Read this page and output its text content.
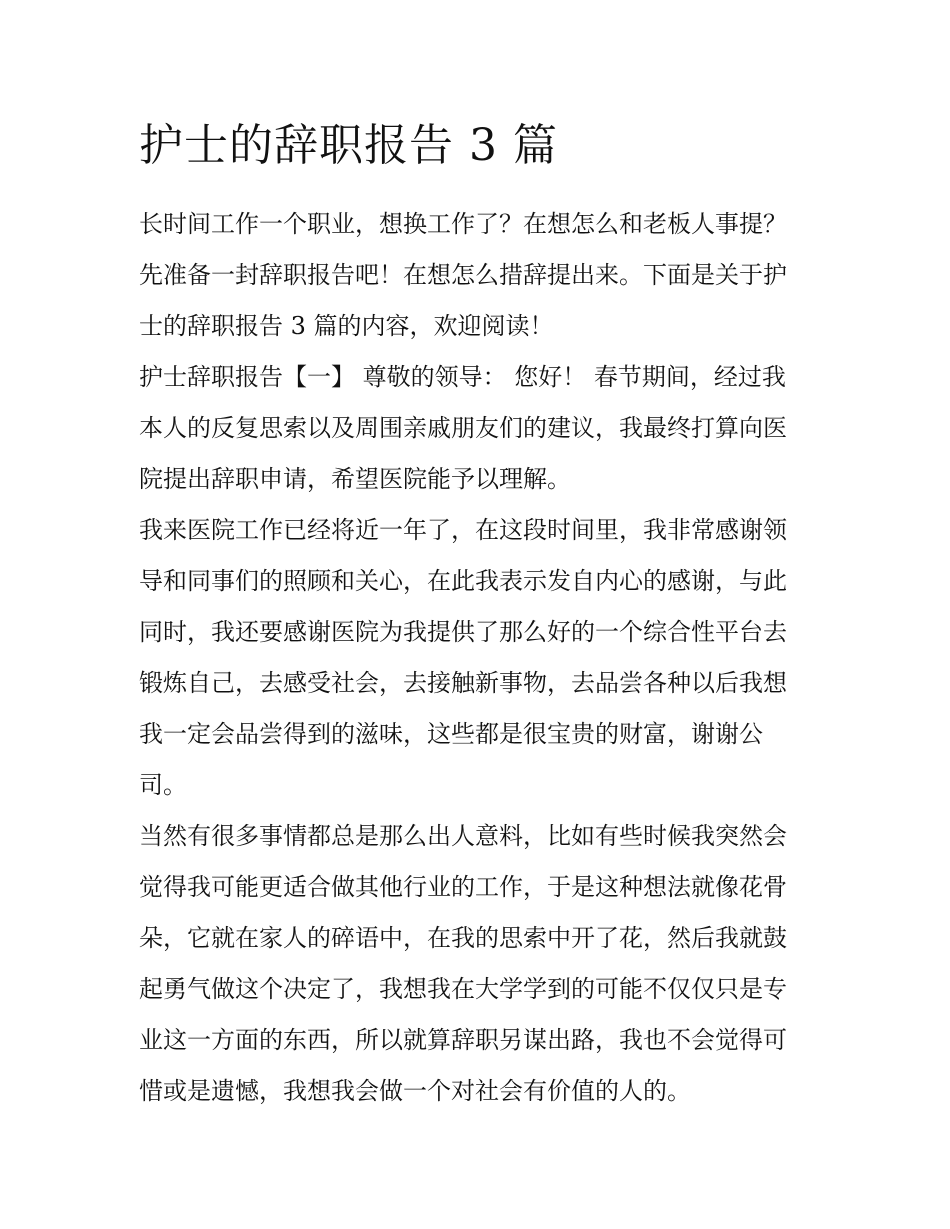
护士的辞职报告 3 篇

长时间工作一个职业，想换工作了？在想怎么和老板人事提？
先准备一封辞职报告吧！在想怎么措辞提出来。下面是关于护
士的辞职报告 3 篇的内容，欢迎阅读！

护士辞职报告【一】 尊敬的领导： 您好！ 春节期间，经过我
本人的反复思索以及周围亲戚朋友们的建议，我最终打算向医
院提出辞职申请，希望医院能予以理解。

我来医院工作已经将近一年了，在这段时间里，我非常感谢领
导和同事们的照顾和关心，在此我表示发自内心的感谢，与此
同时，我还要感谢医院为我提供了那么好的一个综合性平台去
锻炼自己，去感受社会，去接触新事物，去品尝各种以后我想
我一定会品尝得到的滋味，这些都是很宝贵的财富，谢谢公
司。

当然有很多事情都总是那么出人意料，比如有些时候我突然会
觉得我可能更适合做其他行业的工作，于是这种想法就像花骨
朵，它就在家人的碎语中，在我的思索中开了花，然后我就鼓
起勇气做这个决定了，我想我在大学学到的可能不仅仅只是专
业这一方面的东西，所以就算辞职另谋出路，我也不会觉得可
惜或是遗憾，我想我会做一个对社会有价值的人的。
